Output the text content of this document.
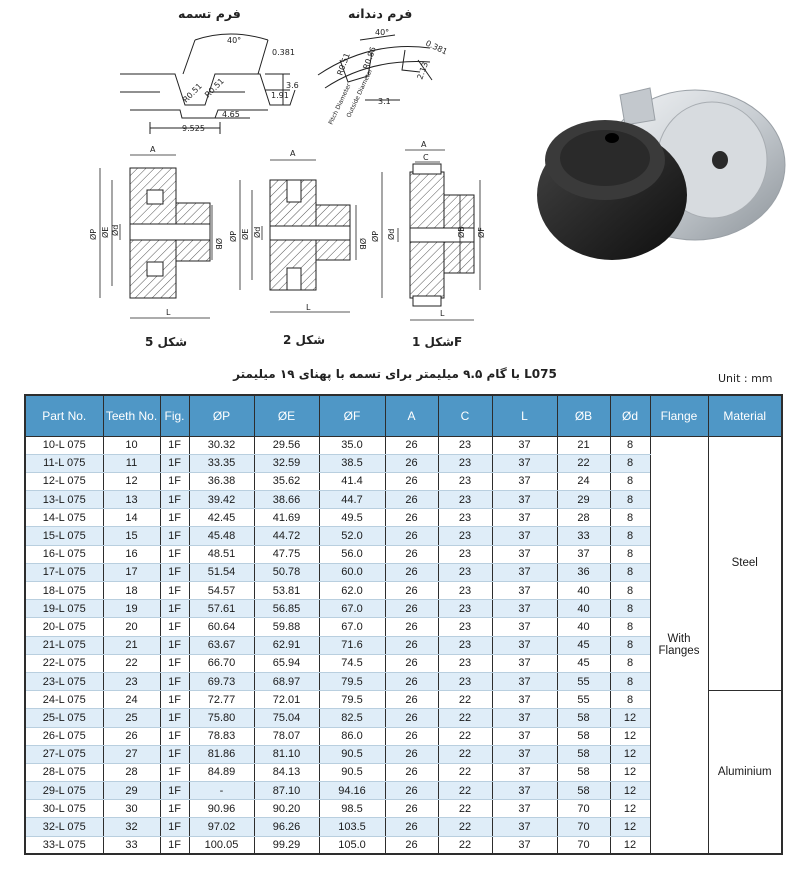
40°
0.381
3.6
1.91
R0.51 R0.51
4.65
9.525
40°
0.381
2.13
3.1
R0.51 R0.86
Pitch Diameter
Outside Diameter
A
ØP ØE Ød
ØB
L
A
ØP ØE Ød
ØB
L
A
C
ØP Ød	ØB ØF
L
فرم تسمه	فرم دندانه
شکل 5	شکل 2	شکل 1F
L075 با گام ۹.۵ میلیمتر برای تسمه با پهنای ۱۹ میلیمتر	Unit : mm
Part No.	Teeth No.	Fig.	ØP	ØE	ØF	A	C	L	ØB	Ød	Flange	Material
10-L 075	10	1F	30.32	29.56	35.0	26	23	37	21	8	With
Flanges	Steel
11-L 075	11	1F	33.35	32.59	38.5	26	23	37	22	8		
12-L 075	12	1F	36.38	35.62	41.4	26	23	37	24	8		
13-L 075	13	1F	39.42	38.66	44.7	26	23	37	29	8		
14-L 075	14	1F	42.45	41.69	49.5	26	23	37	28	8		
15-L 075	15	1F	45.48	44.72	52.0	26	23	37	33	8		
16-L 075	16	1F	48.51	47.75	56.0	26	23	37	37	8		
17-L 075	17	1F	51.54	50.78	60.0	26	23	37	36	8		
18-L 075	18	1F	54.57	53.81	62.0	26	23	37	40	8		
19-L 075	19	1F	57.61	56.85	67.0	26	23	37	40	8		
20-L 075	20	1F	60.64	59.88	67.0	26	23	37	40	8		
21-L 075	21	1F	63.67	62.91	71.6	26	23	37	45	8		
22-L 075	22	1F	66.70	65.94	74.5	26	23	37	45	8		
23-L 075	23	1F	69.73	68.97	79.5	26	23	37	55	8		
24-L 075	24	1F	72.77	72.01	79.5	26	22	37	55	8		Aluminium
25-L 075	25	1F	75.80	75.04	82.5	26	22	37	58	12		
26-L 075	26	1F	78.83	78.07	86.0	26	22	37	58	12		
27-L 075	27	1F	81.86	81.10	90.5	26	22	37	58	12		
28-L 075	28	1F	84.89	84.13	90.5	26	22	37	58	12		
29-L 075	29	1F	-	87.10	94.16	26	22	37	58	12		
30-L 075	30	1F	90.96	90.20	98.5	26	22	37	70	12		
32-L 075	32	1F	97.02	96.26	103.5	26	22	37	70	12		
33-L 075	33	1F	100.05	99.29	105.0	26	22	37	70	12		
